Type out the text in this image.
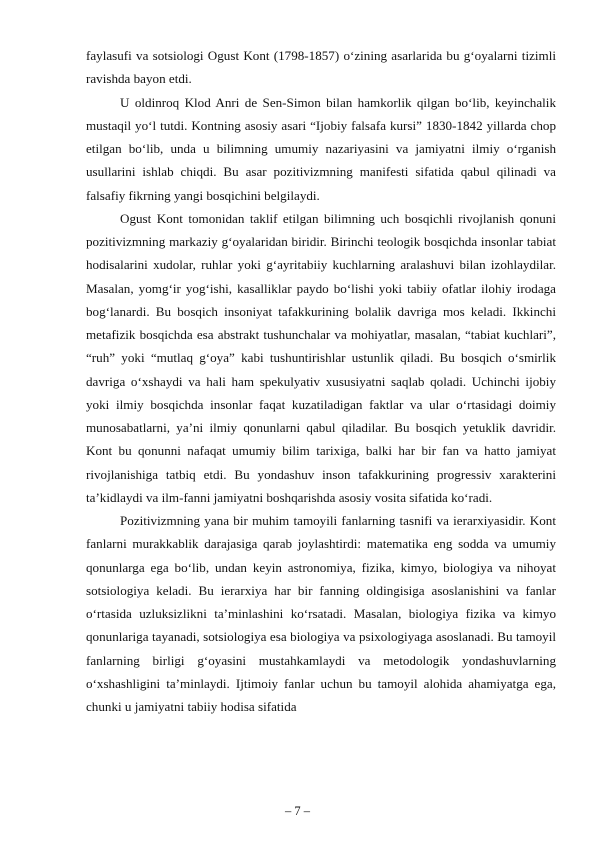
faylasufi va sotsiologi Ogust Kont (1798-1857) o‘zining asarlarida bu g‘oyalarni tizimli ravishda bayon etdi.

U oldinroq Klod Anri de Sen-Simon bilan hamkorlik qilgan bo‘lib, keyinchalik mustaqil yo‘l tutdi. Kontning asosiy asari “Ijobiy falsafa kursi” 1830-1842 yillarda chop etilgan bo‘lib, unda u bilimning umumiy nazariyasini va jamiyatni ilmiy o‘rganish usullarini ishlab chiqdi. Bu asar pozitivizmning manifesti sifatida qabul qilinadi va falsafiy fikrning yangi bosqichini belgilaydi.

Ogust Kont tomonidan taklif etilgan bilimning uch bosqichli rivojlanish qonuni pozitivizmning markaziy g‘oyalaridan biridir. Birinchi teologik bosqichda insonlar tabiat hodisalarini xudolar, ruhlar yoki g‘ayritabiiy kuchlarning aralashuvi bilan izohlaydilar. Masalan, yomg‘ir yog‘ishi, kasalliklar paydo bo‘lishi yoki tabiiy ofatlar ilohiy irodaga bog‘lanardi. Bu bosqich insoniyat tafakkurining bolalik davriga mos keladi. Ikkinchi metafizik bosqichda esa abstrakt tushunchalar va mohiyatlar, masalan, “tabiat kuchlari”, “ruh” yoki “mutlaq g‘oya” kabi tushuntirishlar ustunlik qiladi. Bu bosqich o‘smirlik davriga o‘xshaydi va hali ham spekulyativ xususiyatni saqlab qoladi. Uchinchi ijobiy yoki ilmiy bosqichda insonlar faqat kuzatiladigan faktlar va ular o‘rtasidagi doimiy munosabatlarni, ya’ni ilmiy qonunlarni qabul qiladilar. Bu bosqich yetuklik davridir. Kont bu qonunni nafaqat umumiy bilim tarixiga, balki har bir fan va hatto jamiyat rivojlanishiga tatbiq etdi. Bu yondashuv inson tafakkurining progressiv xarakterini ta’kidlaydi va ilm-fanni jamiyatni boshqarishda asosiy vosita sifatida ko‘radi.

Pozitivizmning yana bir muhim tamoyili fanlarning tasnifi va ierarxiyasidir. Kont fanlarni murakkablik darajasiga qarab joylashtirdi: matematika eng sodda va umumiy qonunlarga ega bo‘lib, undan keyin astronomiya, fizika, kimyo, biologiya va nihoyat sotsiologiya keladi. Bu ierarxiya har bir fanning oldingisiga asoslanishini va fanlar o‘rtasida uzluksizlikni ta’minlashini ko‘rsatadi. Masalan, biologiya fizika va kimyo qonunlariga tayanadi, sotsiologiya esa biologiya va psixologiyaga asoslanadi. Bu tamoyil fanlarning birligi g‘oyasini mustahkamlaydi va metodologik yondashuvlarning o‘xshashligini ta’minlaydi. Ijtimoiy fanlar uchun bu tamoyil alohida ahamiyatga ega, chunki u jamiyatni tabiiy hodisa sifatida

– 7 –
